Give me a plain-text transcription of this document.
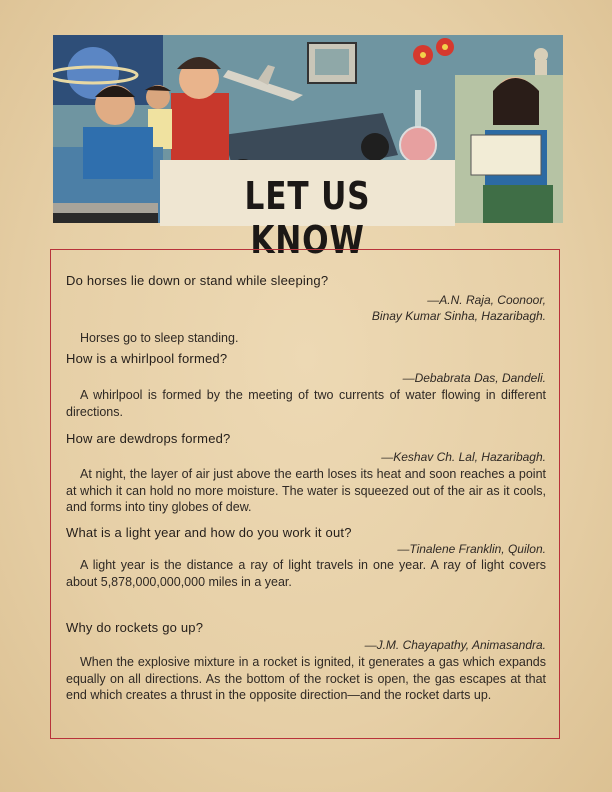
LET US KNOW
Do horses lie down or stand while sleeping?
—A.N. Raja, Coonoor,
Binay Kumar Sinha, Hazaribagh.
Horses go to sleep standing.
How is a whirlpool formed?
—Debabrata Das, Dandeli.
A whirlpool is formed by the meeting of two currents of water flowing in different directions.
How are dewdrops formed?
—Keshav Ch. Lal, Hazaribagh.
At night, the layer of air just above the earth loses its heat and soon reaches a point at which it can hold no more moisture. The water is squeezed out of the air as it cools, and forms into tiny globes of dew.
What is a light year and how do you work it out?
—Tinalene Franklin, Quilon.
A light year is the distance a ray of light travels in one year. A ray of light covers about 5,878,000,000,000 miles in a year.
Why do rockets go up?
—J.M. Chayapathy, Animasandra.
When the explosive mixture in a rocket is ignited, it generates a gas which expands equally on all directions. As the bottom of the rocket is open, the gas escapes at that end which creates a thrust in the opposite direction—and the rocket darts up.
